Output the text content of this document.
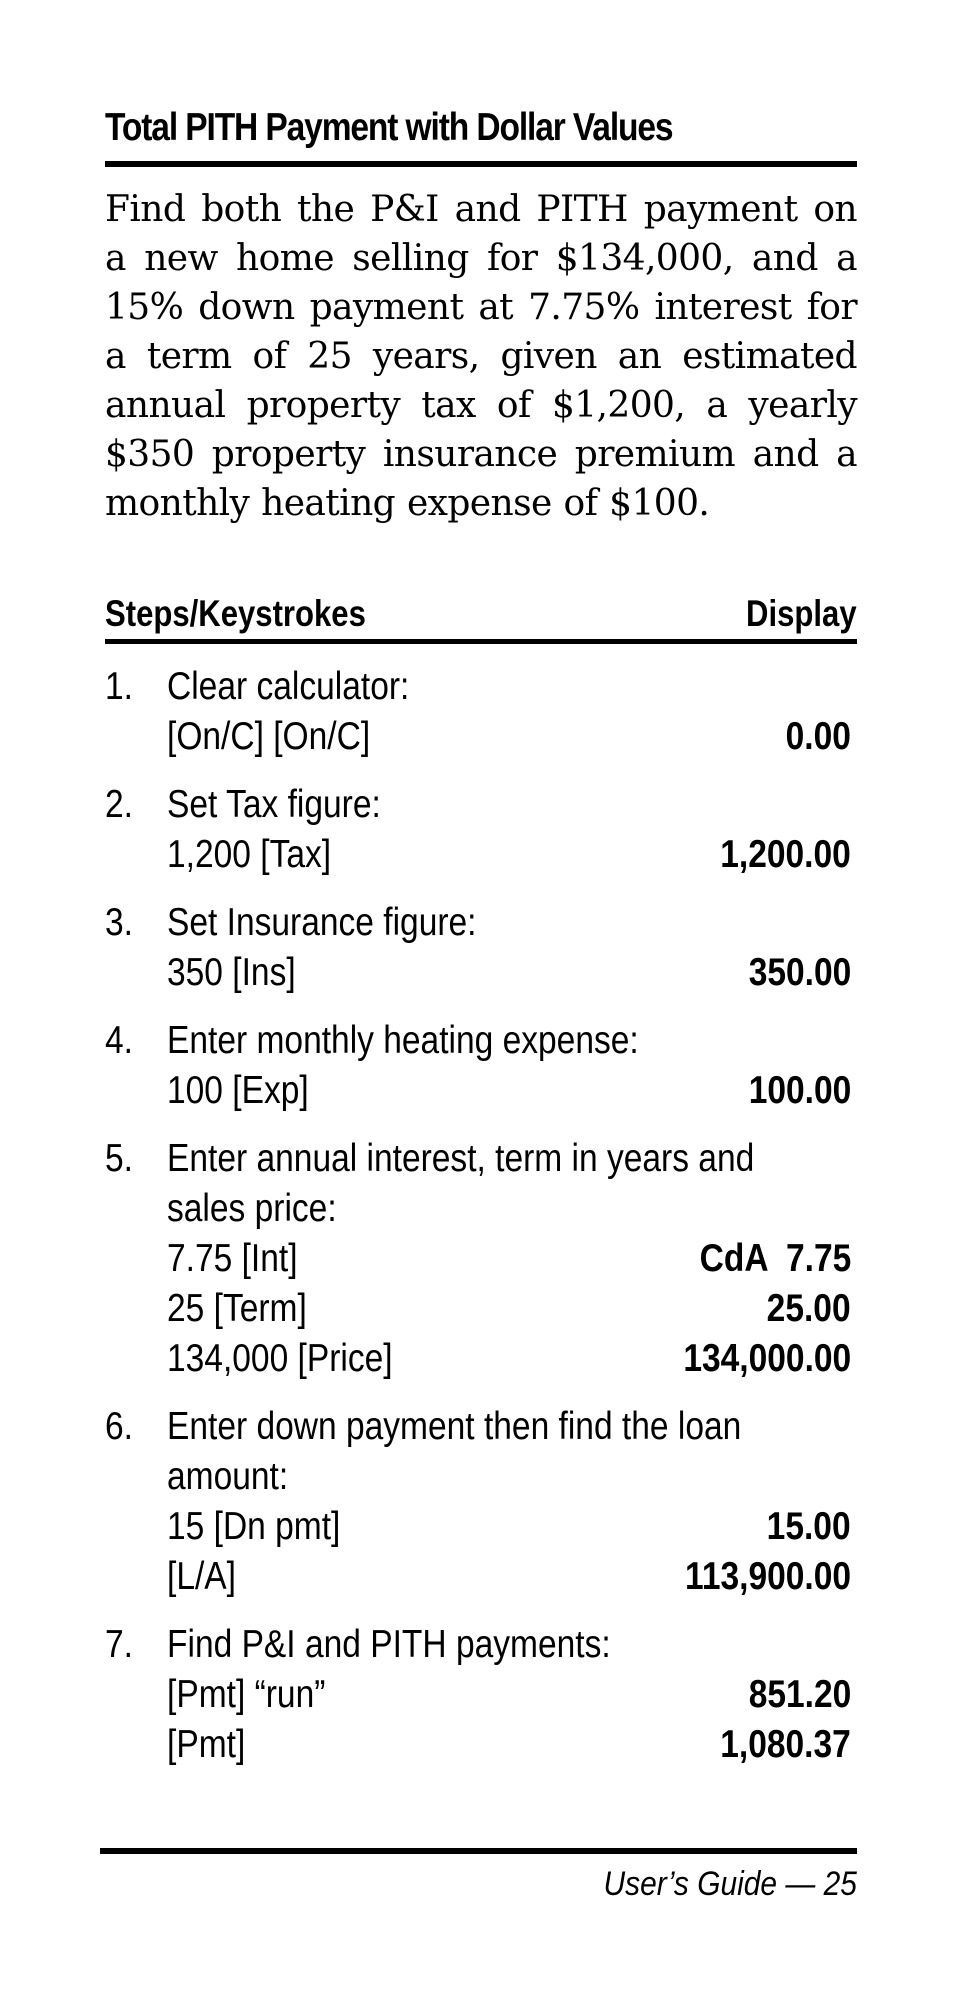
Total PITH Payment with Dollar Values
Find both the P&I and PITH payment on a new home selling for $134,000, and a 15% down payment at 7.75% interest for a term of 25 years, given an estimated annual property tax of $1,200, a yearly $350 property insurance premium and a monthly heating expense of $100.
Steps/Keystrokes	Display
1. Clear calculator:
[On/C] [On/C]	0.00
2. Set Tax figure:
1,200 [Tax]	1,200.00
3. Set Insurance figure:
350 [Ins]	350.00
4. Enter monthly heating expense:
100 [Exp]	100.00
5. Enter annual interest, term in years and
sales price:
7.75 [Int]	CdA  7.75
25 [Term]	25.00
134,000 [Price]	134,000.00
6. Enter down payment then find the loan
amount:
15 [Dn pmt]	15.00
[L/A]	113,900.00
7. Find P&I and PITH payments:
[Pmt] “run”	851.20
[Pmt]	1,080.37
User’s Guide — 25
